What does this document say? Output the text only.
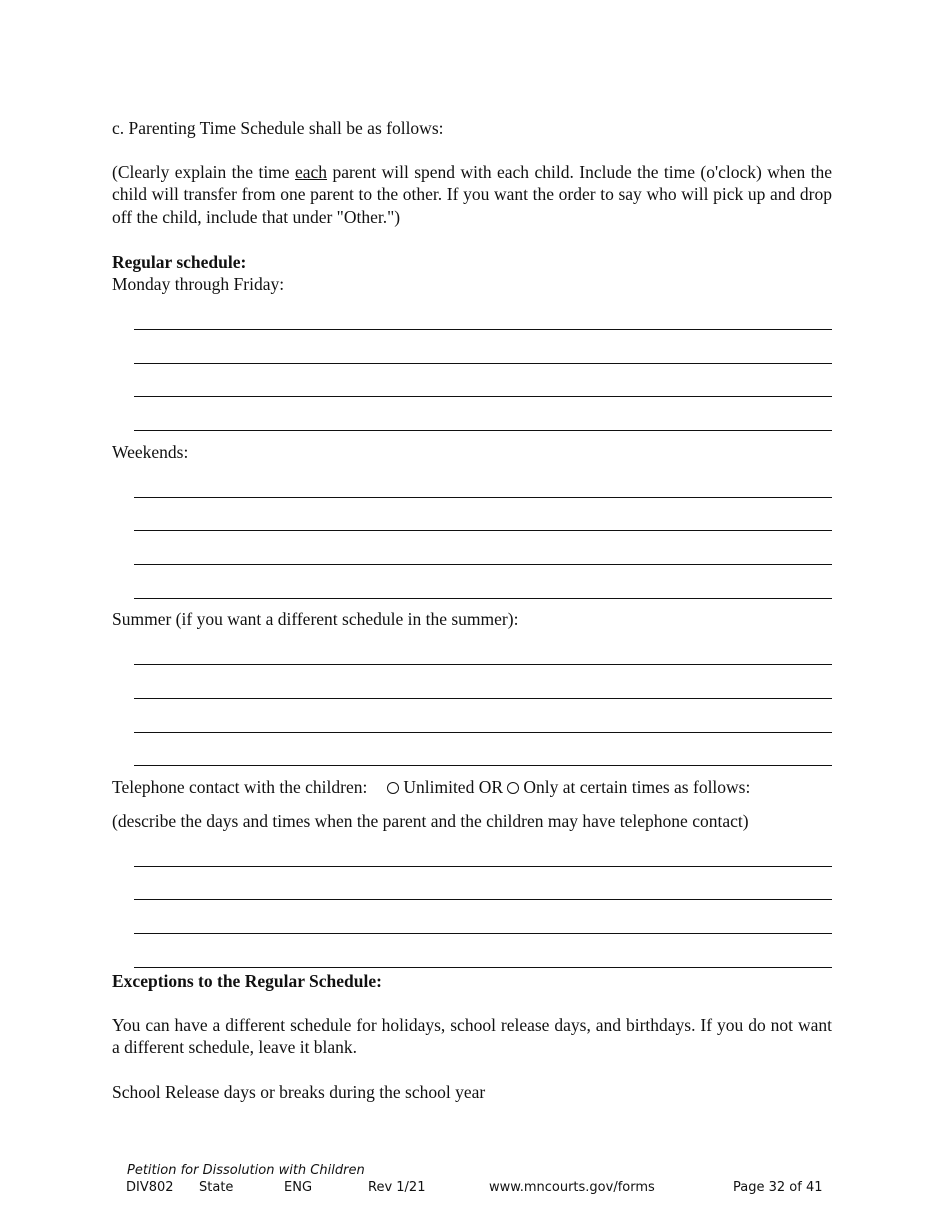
c. Parenting Time Schedule shall be as follows:

(Clearly explain the time each parent will spend with each child. Include the time (o'clock) when the child will transfer from one parent to the other. If you want the order to say who will pick up and drop off the child, include that under "Other.")

Regular schedule:

Monday through Friday:

Weekends:

Summer (if you want a different schedule in the summer):

Telephone contact with the children: Unlimited OR Only at certain times as follows:

(describe the days and times when the parent and the children may have telephone contact)

Exceptions to the Regular Schedule:

You can have a different schedule for holidays, school release days, and birthdays. If you do not want a different schedule, leave it blank.

School Release days or breaks during the school year

Petition for Dissolution with Children
DIV802 State	ENG	Rev 1/21	www.mncourts.gov/forms	Page 32 of 41
